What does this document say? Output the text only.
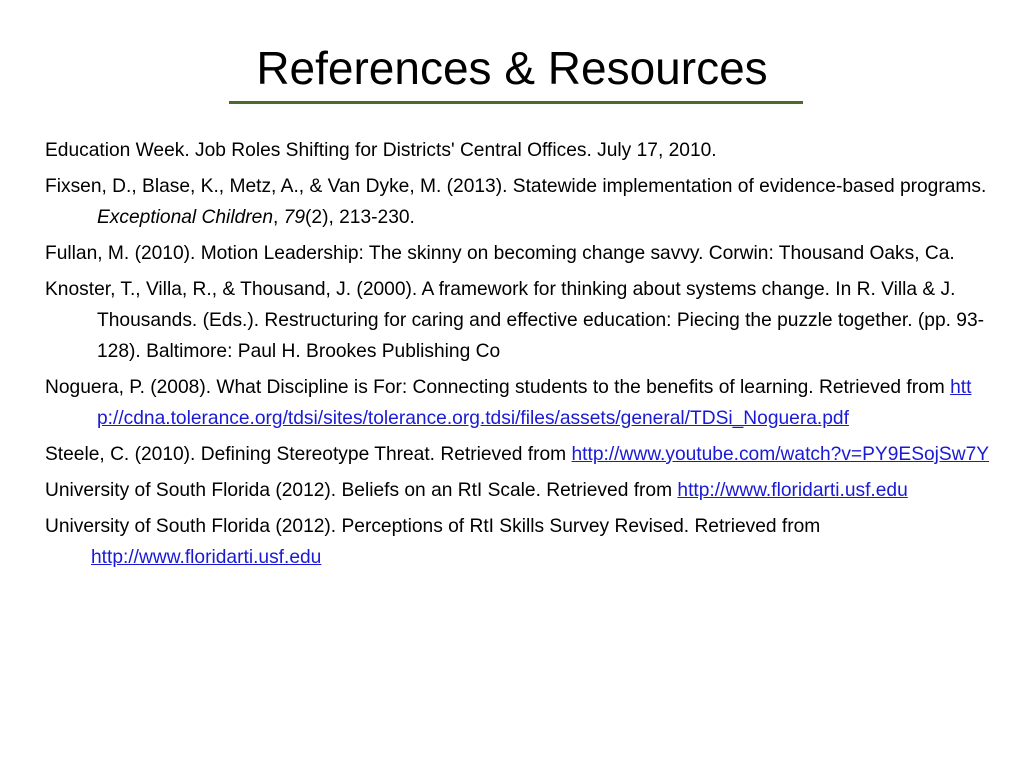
References & Resources

Education Week. Job Roles Shifting for Districts' Central Offices. July 17, 2010.

Fixsen, D., Blase, K., Metz, A., & Van Dyke, M. (2013). Statewide implementation of evidence-based programs. Exceptional Children, 79(2), 213-230.

Fullan, M. (2010). Motion Leadership: The skinny on becoming change savvy. Corwin: Thousand Oaks, Ca.

Knoster, T., Villa, R., & Thousand, J. (2000). A framework for thinking about systems change. In R. Villa & J. Thousands. (Eds.). Restructuring for caring and effective education: Piecing the puzzle together. (pp. 93-128). Baltimore: Paul H. Brookes Publishing Co

Noguera, P. (2008). What Discipline is For: Connecting students to the benefits of learning. Retrieved from http://cdna.tolerance.org/tdsi/sites/tolerance.org.tdsi/files/assets/general/TDSi_Noguera.pdf

Steele, C. (2010). Defining Stereotype Threat. Retrieved from http://www.youtube.com/watch?v=PY9ESojSw7Y

University of South Florida (2012). Beliefs on an RtI Scale. Retrieved from http://www.floridarti.usf.edu

University of South Florida (2012). Perceptions of RtI Skills Survey Revised. Retrieved from http://www.floridarti.usf.edu
